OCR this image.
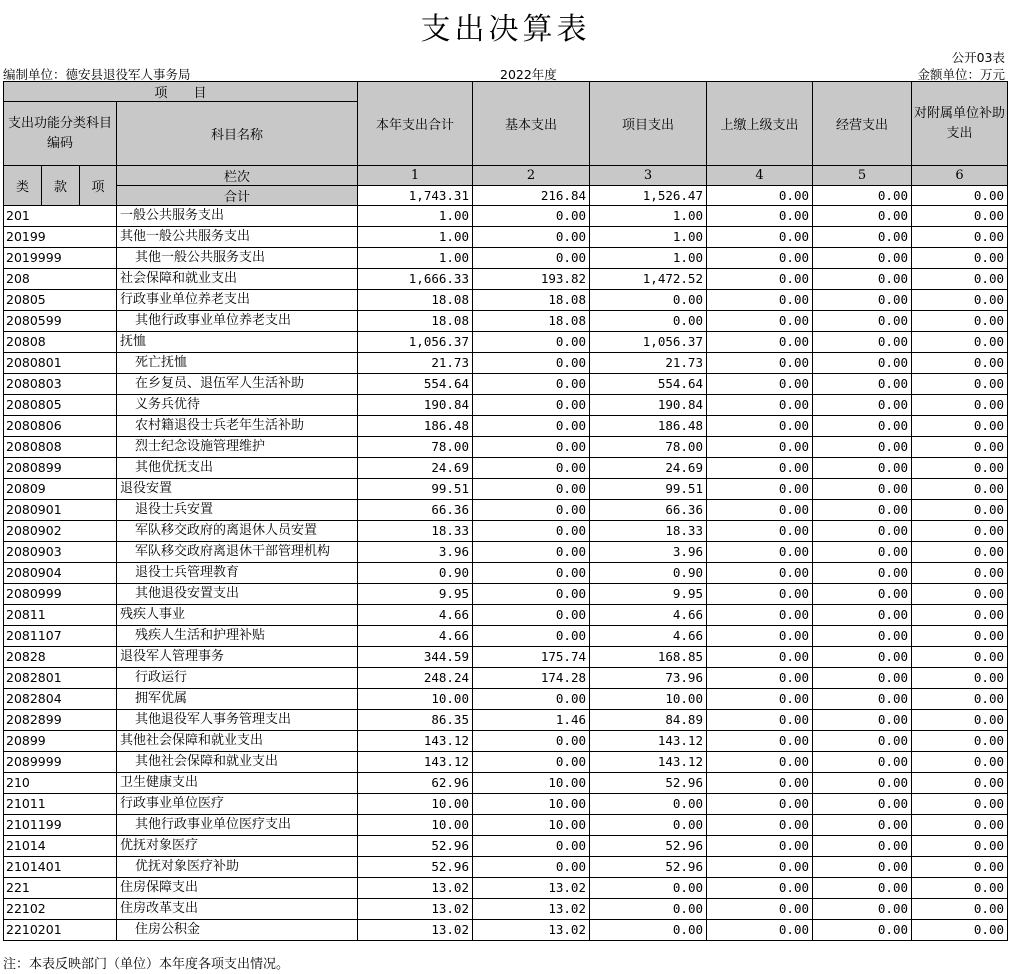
支出决算表
公开03表
编制单位：德安县退役军人事务局	2022年度	金额单位：万元
项　　目				本年支出合计	基本支出	项目支出	上缴上级支出	经营支出	对附属单位补助支出
支出功能分类科目编码			科目名称						

类	款	项	栏次	1	2	3	4	5	6
			合计	1,743.31	216.84	1,526.47	0.00	0.00	0.00
201			一般公共服务支出	1.00	0.00	1.00	0.00	0.00	0.00
20199			其他一般公共服务支出	1.00	0.00	1.00	0.00	0.00	0.00
2019999			其他一般公共服务支出	1.00	0.00	1.00	0.00	0.00	0.00
208			社会保障和就业支出	1,666.33	193.82	1,472.52	0.00	0.00	0.00
20805			行政事业单位养老支出	18.08	18.08	0.00	0.00	0.00	0.00
2080599			其他行政事业单位养老支出	18.08	18.08	0.00	0.00	0.00	0.00
20808			抚恤	1,056.37	0.00	1,056.37	0.00	0.00	0.00
2080801			死亡抚恤	21.73	0.00	21.73	0.00	0.00	0.00
2080803			在乡复员、退伍军人生活补助	554.64	0.00	554.64	0.00	0.00	0.00
2080805			义务兵优待	190.84	0.00	190.84	0.00	0.00	0.00
2080806			农村籍退役士兵老年生活补助	186.48	0.00	186.48	0.00	0.00	0.00
2080808			烈士纪念设施管理维护	78.00	0.00	78.00	0.00	0.00	0.00
2080899			其他优抚支出	24.69	0.00	24.69	0.00	0.00	0.00
20809			退役安置	99.51	0.00	99.51	0.00	0.00	0.00
2080901			退役士兵安置	66.36	0.00	66.36	0.00	0.00	0.00
2080902			军队移交政府的离退休人员安置	18.33	0.00	18.33	0.00	0.00	0.00
2080903			军队移交政府离退休干部管理机构	3.96	0.00	3.96	0.00	0.00	0.00
2080904			退役士兵管理教育	0.90	0.00	0.90	0.00	0.00	0.00
2080999			其他退役安置支出	9.95	0.00	9.95	0.00	0.00	0.00
20811			残疾人事业	4.66	0.00	4.66	0.00	0.00	0.00
2081107			残疾人生活和护理补贴	4.66	0.00	4.66	0.00	0.00	0.00
20828			退役军人管理事务	344.59	175.74	168.85	0.00	0.00	0.00
2082801			行政运行	248.24	174.28	73.96	0.00	0.00	0.00
2082804			拥军优属	10.00	0.00	10.00	0.00	0.00	0.00
2082899			其他退役军人事务管理支出	86.35	1.46	84.89	0.00	0.00	0.00
20899			其他社会保障和就业支出	143.12	0.00	143.12	0.00	0.00	0.00
2089999			其他社会保障和就业支出	143.12	0.00	143.12	0.00	0.00	0.00
210			卫生健康支出	62.96	10.00	52.96	0.00	0.00	0.00
21011			行政事业单位医疗	10.00	10.00	0.00	0.00	0.00	0.00
2101199			其他行政事业单位医疗支出	10.00	10.00	0.00	0.00	0.00	0.00
21014			优抚对象医疗	52.96	0.00	52.96	0.00	0.00	0.00
2101401			优抚对象医疗补助	52.96	0.00	52.96	0.00	0.00	0.00
221			住房保障支出	13.02	13.02	0.00	0.00	0.00	0.00
22102			住房改革支出	13.02	13.02	0.00	0.00	0.00	0.00
2210201			住房公积金	13.02	13.02	0.00	0.00	0.00	0.00
注：本表反映部门（单位）本年度各项支出情况。
